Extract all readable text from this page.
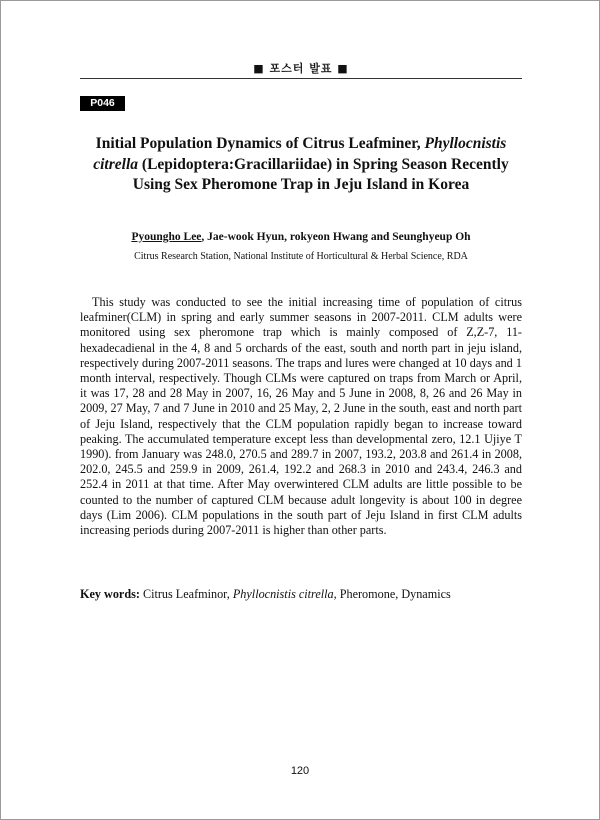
■ 포스터 발표 ■
P046
Initial Population Dynamics of Citrus Leafminer, Phyllocnistis citrella (Lepidoptera:Gracillariidae) in Spring Season Recently Using Sex Pheromone Trap in Jeju Island in Korea
Pyoungho Lee, Jae-wook Hyun, rokyeon Hwang and Seunghyeup Oh
Citrus Research Station, National Institute of Horticultural & Herbal Science, RDA

This study was conducted to see the initial increasing time of population of citrus leafminer(CLM) in spring and early summer seasons in 2007-2011. CLM adults were monitored using sex pheromone trap which is mainly composed of Z,Z-7, 11-hexadecadienal in the 4, 8 and 5 orchards of the east, south and north part in jeju island, respectively during 2007-2011 seasons. The traps and lures were changed at 10 days and 1 month interval, respectively. Though CLMs were captured on traps from March or April, it was 17, 28 and 28 May in 2007, 16, 26 May and 5 June in 2008, 8, 26 and 26 May in 2009, 27 May, 7 and 7 June in 2010 and 25 May, 2, 2 June in the south, east and north part of Jeju Island, respectively that the CLM population rapidly began to increase toward peaking. The accumulated temperature except less than developmental zero, 12.1 Ujiye T 1990). from January was 248.0, 270.5 and 289.7 in 2007, 193.2, 203.8 and 261.4 in 2008, 202.0, 245.5 and 259.9 in 2009, 261.4, 192.2 and 268.3 in 2010 and 243.4, 246.3 and 252.4 in 2011 at that time. After May overwintered CLM adults are little possible to be counted to the number of captured CLM because adult longevity is about 100 in degree days (Lim 2006). CLM populations in the south part of Jeju Island in first CLM adults increasing periods during 2007-2011 is higher than other parts.

Key words: Citrus Leafminor, Phyllocnistis citrella, Pheromone, Dynamics
120
